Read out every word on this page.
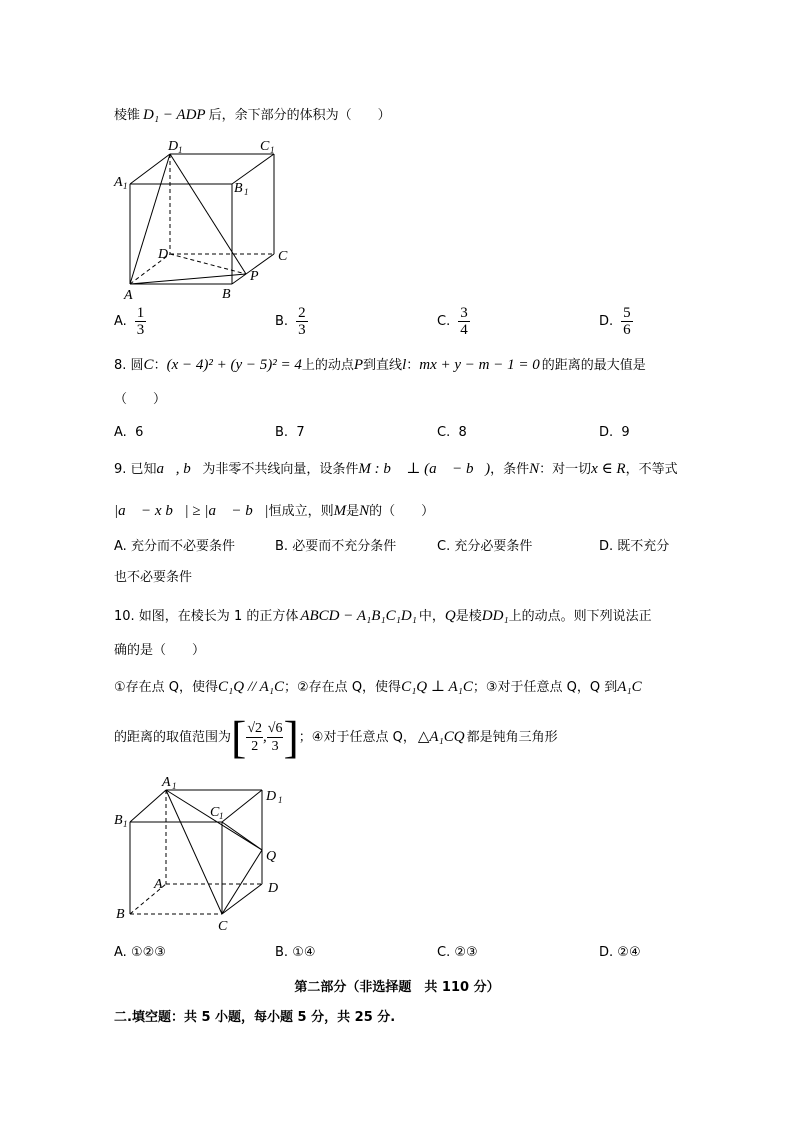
棱锥 D₁ − ADP 后，余下部分的体积为（　　）
D 1	C 1
A 1	B 1
D	C
P
A	B
A. $\frac{1}{3}$	B. $\frac{2}{3}$	C. $\frac{3}{4}$	D. $\frac{5}{6}$
8. 圆C：(x − 4)² + (y − 5)² = 4上的动点P到直线l：mx + y − m − 1 = 0 的距离的最大值是
（　　）
A. 6	B. 7	C. 8	D. 9
9. 已知a⃗, b⃗为非零不共线向量，设条件M : b⃗ ⊥ (a⃗ − b⃗)，条件N：对一切x ∈ R，不等式
|a⃗ − x b⃗| ≥ |a⃗ − b⃗|恒成立，则M是N的（　　）
A. 充分而不必要条件	B. 必要而不充分条件	C. 充分必要条件	D. 既不充分
也不必要条件
10. 如图，在棱长为 1 的正方体 ABCD − A₁B₁C₁D₁ 中，Q是棱DD₁上的动点。则下列说法正
确的是（　　）
①存在点 Q，使得C₁Q // A₁C；②存在点 Q，使得C₁Q ⊥ A₁C；③对于任意点 Q，Q 到A₁C
的距离的取值范围为[ $\frac{√2}{2}$ , $\frac{√6}{3}$ ]；④对于任意点 Q， △A₁CQ 都是钝角三角形
A 1
D 1
C 1
B 1
Q
A	D
B
C
A. ①②③	B. ①④	C. ②③	D. ②④
第二部分（非选择题　共 110 分）
二.填空题：共 5 小题，每小题 5 分，共 25 分.
